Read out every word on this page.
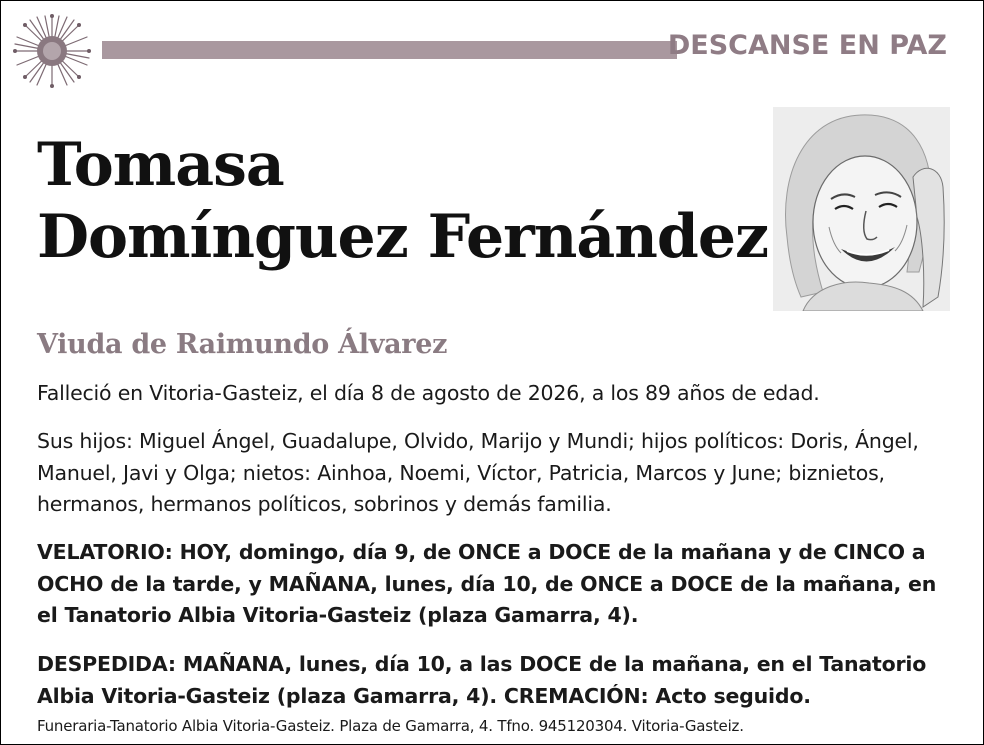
DESCANSE EN PAZ
Tomasa
Domínguez Fernández
Viuda de Raimundo Álvarez
Falleció en Vitoria-Gasteiz, el día 8 de agosto de 2026, a los 89 años de edad.
Sus hijos: Miguel Ángel, Guadalupe, Olvido, Marijo y Mundi; hijos políticos: Doris, Ángel, Manuel, Javi y Olga; nietos: Ainhoa, Noemi, Víctor, Patricia, Marcos y June; biznietos, hermanos, hermanos políticos, sobrinos y demás familia.
VELATORIO: HOY, domingo, día 9, de ONCE a DOCE de la mañana y de CINCO a OCHO de la tarde, y MAÑANA, lunes, día 10, de ONCE a DOCE de la mañana, en el Tanatorio Albia Vitoria-Gasteiz (plaza Gamarra, 4).
DESPEDIDA: MAÑANA, lunes, día 10, a las DOCE de la mañana, en el Tanatorio Albia Vitoria-Gasteiz (plaza Gamarra, 4). CREMACIÓN: Acto seguido.
Funeraria-Tanatorio Albia Vitoria-Gasteiz. Plaza de Gamarra, 4. Tfno. 945120304. Vitoria-Gasteiz.
